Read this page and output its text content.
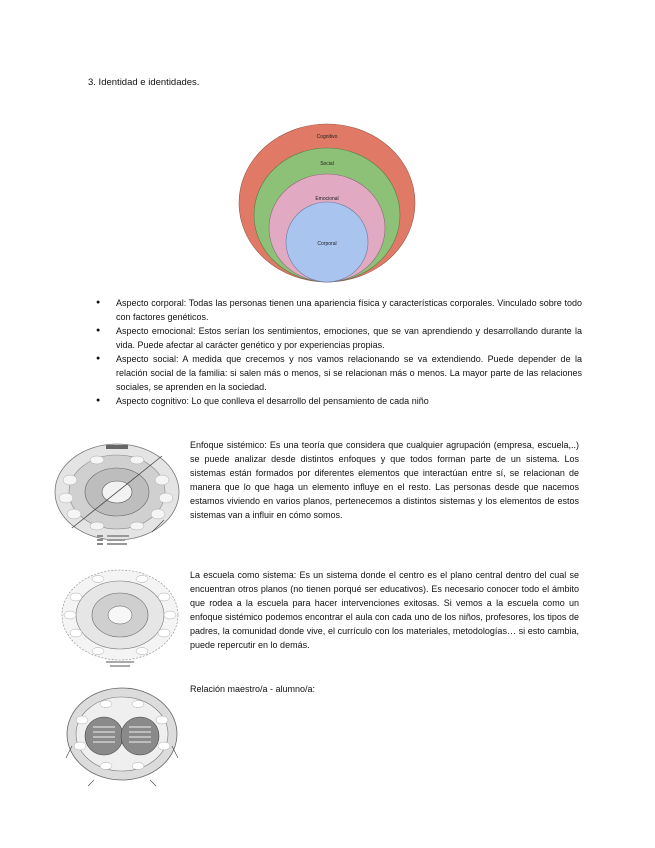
3. Identidad e identidades.
Cognitivo
Social
Emocional
Corporal
● Aspecto corporal: Todas las personas tienen una apariencia física y características corporales. Vinculado sobre todo con factores genéticos.
● Aspecto emocional: Estos serían los sentimientos, emociones, que se van aprendiendo y desarrollando durante la vida. Puede afectar al carácter genético y por experiencias propias.
● Aspecto social: A medida que crecemos y nos vamos relacionando se va extendiendo. Puede depender de la relación social de la familia: si salen más o menos, si se relacionan más o menos. La mayor parte de las relaciones sociales, se aprenden en la sociedad.
● Aspecto cognitivo: Lo que conlleva el desarrollo del pensamiento de cada niño
Enfoque sistémico: Es una teoría que considera que cualquier agrupación (empresa, escuela,..) se puede analizar desde distintos enfoques y que todos forman parte de un sistema. Los sistemas están formados por diferentes elementos que interactúan entre sí, se relacionan de manera que lo que haga un elemento influye en el resto. Las personas desde que nacemos estamos viviendo en varios planos, pertenecemos a distintos sistemas y los elementos de estos sistemas van a influir en cómo somos.
La escuela como sistema: Es un sistema donde el centro es el plano central dentro del cual se encuentran otros planos (no tienen porqué ser educativos). Es necesario conocer todo el ámbito que rodea a la escuela para hacer intervenciones exitosas. Si vemos a la escuela como un enfoque sistémico podemos encontrar el aula con cada uno de los niños, profesores, los tipos de padres, la comunidad donde vive, el currículo con los materiales, metodologías… si esto cambia, puede repercutir en lo demás.
Relación maestro/a - alumno/a:
